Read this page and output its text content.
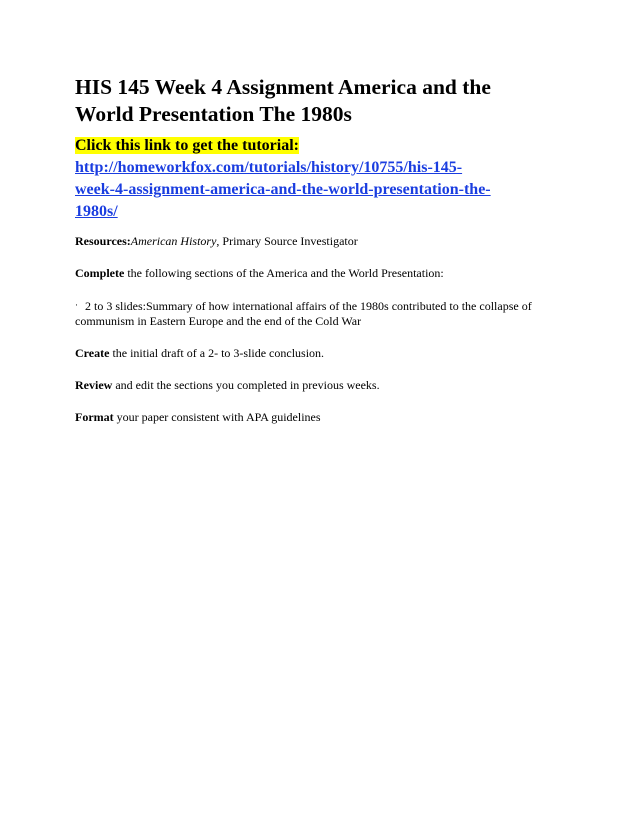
HIS 145 Week 4 Assignment America and the
World Presentation The 1980s
Click this link to get the tutorial:
http://homeworkfox.com/tutorials/history/10755/his-145-
week-4-assignment-america-and-the-world-presentation-the-
1980s/

Resources:American History, Primary Source Investigator

Complete the following sections of the America and the World Presentation:

· 2 to 3 slides:Summary of how international affairs of the 1980s contributed to the collapse of
communism in Eastern Europe and the end of the Cold War

Create the initial draft of a 2- to 3-slide conclusion.

Review and edit the sections you completed in previous weeks.

Format your paper consistent with APA guidelines
